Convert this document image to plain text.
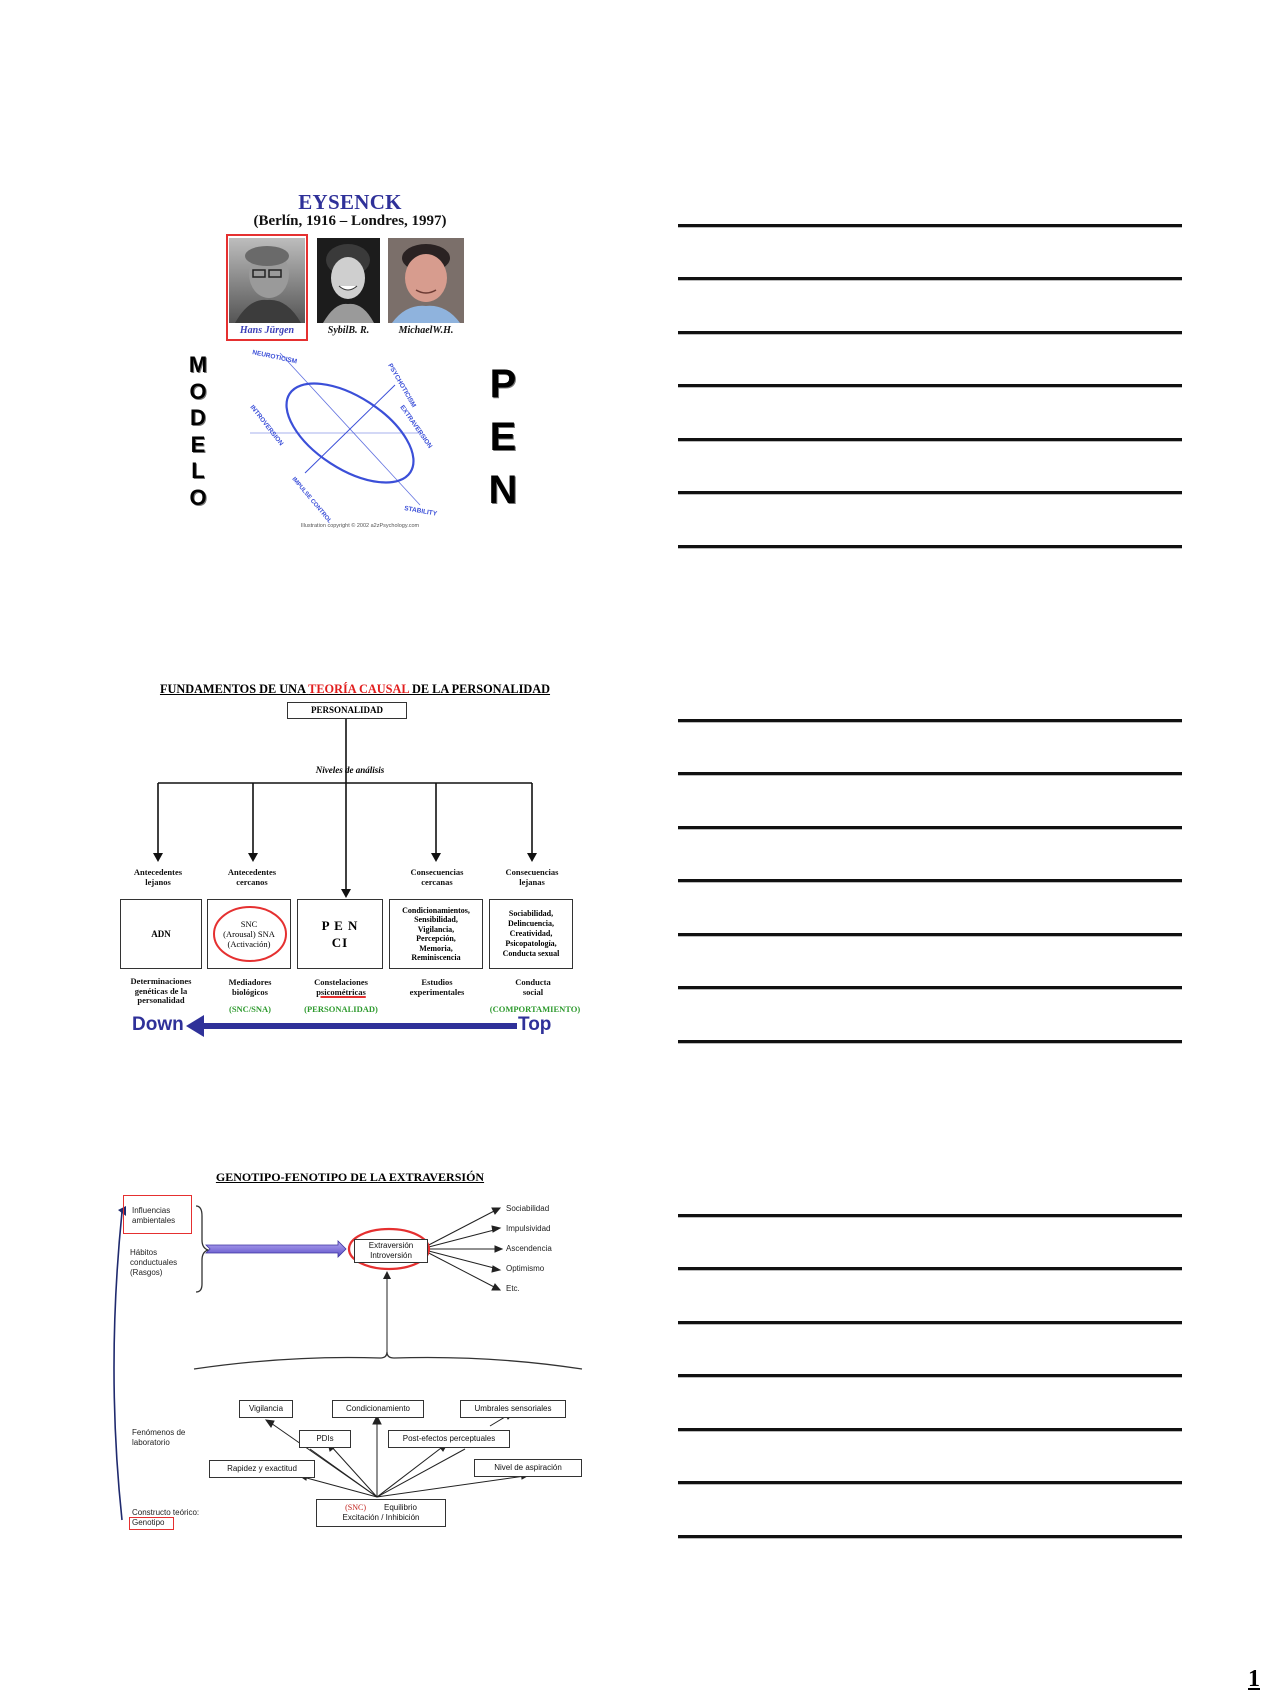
EYSENCK
(Berlín, 1916 – Londres, 1997)
Hans Jürgen	SybilB. R.	MichaelW.H.
M
O
D
E
L
O
P
E
N
NEUROTICISM
PSYCHOTICISM
EXTRAVERSION
INTROVERSION
IMPULSE CONTROL	STABILITY
Illustration copyright © 2002 a2zPsychology.com
FUNDAMENTOS DE UNA TEORÍA CAUSAL DE LA PERSONALIDAD
PERSONALIDAD
Niveles de análisis
Antecedentes lejanos
Antecedentes cercanos
Consecuencias cercanas
Consecuencias lejanas
ADN
SNC
(Arousal) SNA
(Activación)
P E N
CI
Condicionamientos,
Sensibilidad,
Vigilancia,
Percepción,
Memoria,
Reminiscencia
Sociabilidad,
Delincuencia,
Creatividad,
Psicopatología,
Conducta sexual
Determinaciones genéticas de la personalidad
Mediadores biológicos
Constelaciones
psicométricas
Estudios experimentales
Conducta social
(SNC/SNA)	(PERSONALIDAD)	(COMPORTAMIENTO)
Down	Top
GENOTIPO-FENOTIPO DE LA EXTRAVERSIÓN
Influencias ambientales
Hábitos
conductuales
(Rasgos)
Extraversión
Introversión
Sociabilidad
Impulsividad
Ascendencia
Optimismo
Etc.
Fenómenos de
laboratorio
Vigilancia	Condicionamiento	Umbrales sensoriales
PDIs	Post-efectos perceptuales
Rapidez y exactitud	Nivel de aspiración
(SNC) Equilibrio
Excitación / Inhibición
Constructo teórico:
Genotipo
1
